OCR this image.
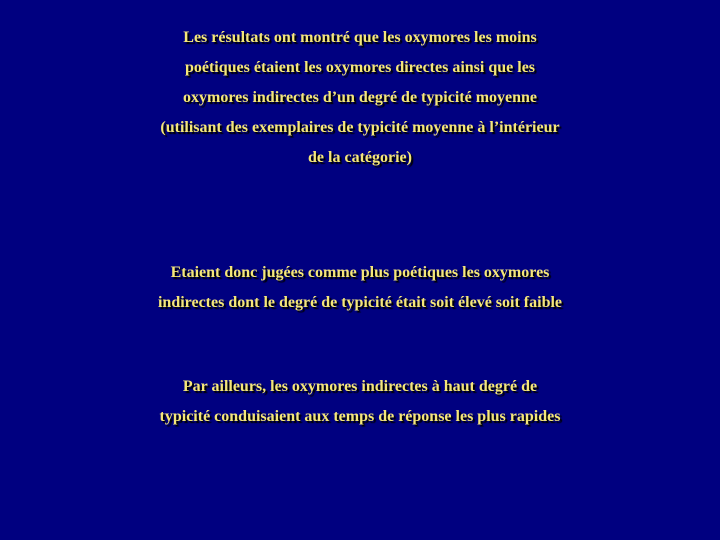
Les résultats ont montré que les oxymores les moins
poétiques étaient les oxymores directes ainsi que les
oxymores indirectes d’un degré de typicité moyenne
(utilisant des exemplaires de typicité moyenne à l’intérieur
de la catégorie)

Etaient donc jugées comme plus poétiques les oxymores
indirectes dont le degré de typicité était soit élevé soit faible

Par ailleurs, les oxymores indirectes à haut degré de
typicité conduisaient aux temps de réponse les plus rapides
